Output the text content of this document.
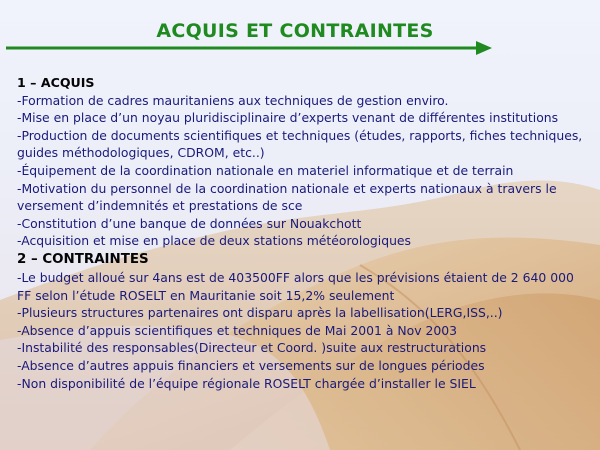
ACQUIS ET CONTRAINTES
1 – ACQUIS
-Formation de cadres mauritaniens aux techniques de gestion enviro.
-Mise en place d’un noyau pluridisciplinaire d’experts venant de différentes institutions
-Production de documents scientifiques et techniques (études, rapports, fiches techniques, guides méthodologiques, CDROM, etc..)
-Équipement de la coordination nationale en materiel informatique et de terrain
-Motivation du personnel de la coordination nationale et experts nationaux à travers le versement d’indemnités et prestations de sce
-Constitution d’une banque de données sur Nouakchott
-Acquisition et mise en place de deux stations météorologiques
2 – CONTRAINTES
-Le budget alloué sur 4ans est de 403500FF alors que les prévisions étaient de 2 640 000 FF selon l’étude ROSELT en Mauritanie soit 15,2% seulement
-Plusieurs structures partenaires ont disparu après la labellisation(LERG,ISS,..)
-Absence d’appuis scientifiques et techniques de Mai 2001 à Nov 2003
-Instabilité des responsables(Directeur et Coord. )suite aux restructurations
-Absence d’autres appuis financiers et versements sur de longues périodes
-Non disponibilité de l’équipe régionale ROSELT chargée d’installer le SIEL
